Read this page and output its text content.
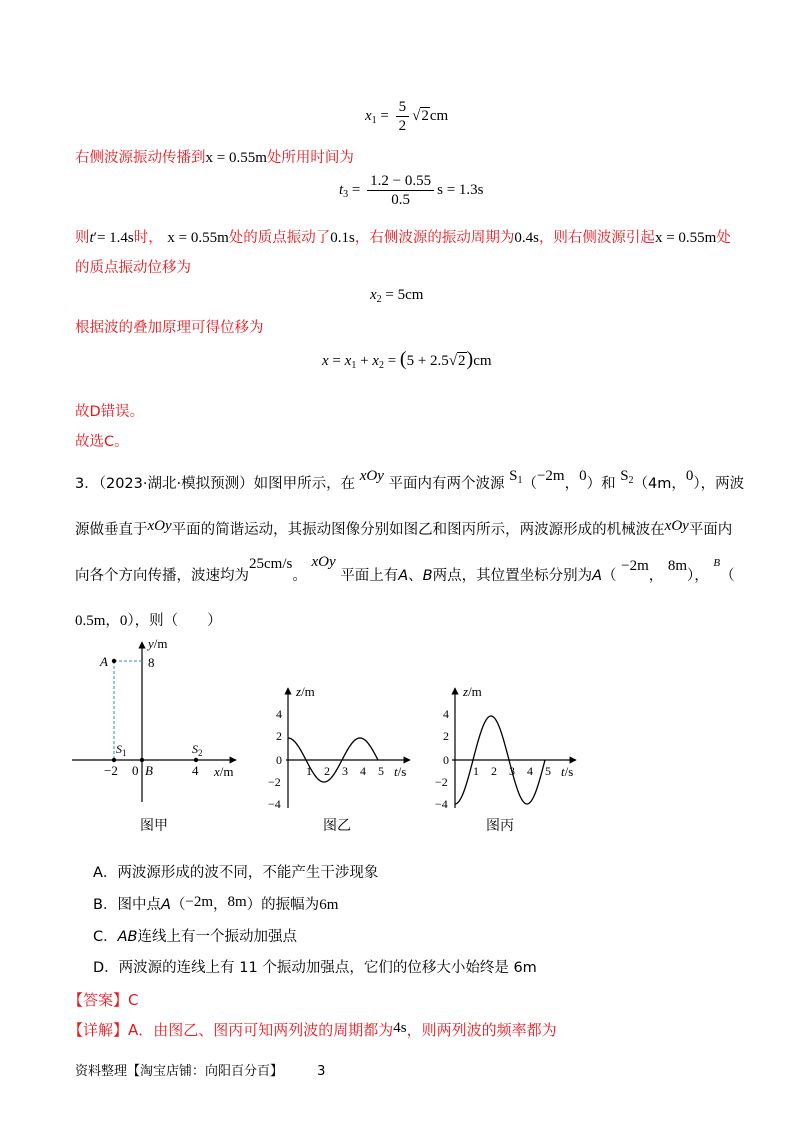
$x_1 = \frac{5}{2} √2cm$
右侧波源振动传播到x = 0.55m处所用时间为
$t_3 = \frac{1.2 - 0.55}{0.5}$ s = 1.3s
则t′= 1.4s时， x = 0.55m处的质点振动了0.1s，右侧波源的振动周期为0.4s，则右侧波源引起x = 0.55m处
的质点振动位移为
$x_2 = 5cm$
根据波的叠加原理可得位移为
$x = x_1 + x_2 = (5 + 2.5√2)cm$
故D错误。
故选C。
3．（2023·湖北·模拟预测）如图甲所示，在 xOy 平面内有两个波源 $S_1(-2m$，0）和 $S_2(4m$，0），两波
源做垂直于xOy平面的简谐运动，其振动图像分别如图乙和图丙所示，两波源形成的机械波在xOy平面内
向各个方向传播，波速均为25cm/s。 xOy 平面上有A、B两点，其位置坐标分别为A（ −2m， 8m）， $^B$（
0.5m，0），则（　　）
y/m
8
A
$S_1$	$S_2$
−2 0 B	4 x/m
z/m
4
2
0
−2
−4
1 2 3 4 5 t/s
z/m
4
2
0
−2
−4
1 2 3 4 5 t/s
图甲	图乙	图丙
A．两波源形成的波不同，不能产生干涉现象
B．图中点A（−2m，8m）的振幅为6m
C．AB连线上有一个振动加强点
D．两波源的连线上有 11 个振动加强点，它们的位移大小始终是 6m
【答案】C
【详解】A．由图乙、图丙可知两列波的周期都为4s，则两列波的频率都为
资料整理【淘宝店铺：向阳百分百】	3
